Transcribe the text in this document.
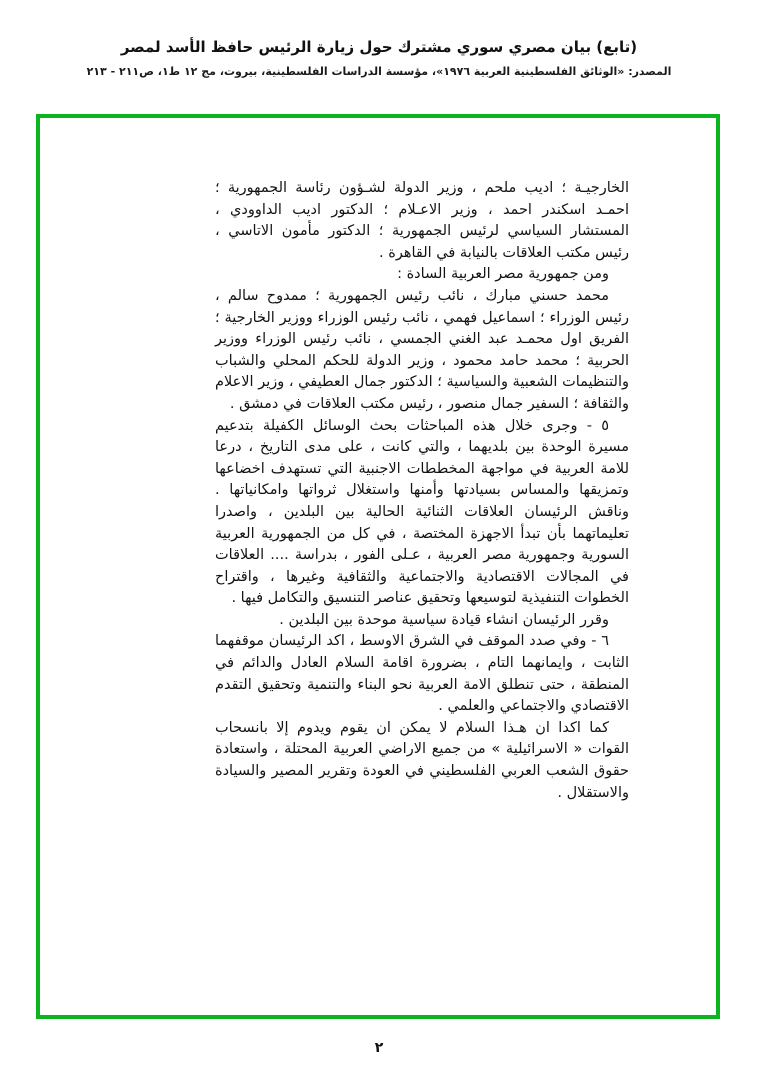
(تابع) بيان مصري سوري مشترك حول زيارة الرئيس حافظ الأسد لمصر
المصدر: «الوثائق الفلسطينية العربية ١٩٧٦»، مؤسسة الدراسات الفلسطينية، بيروت، مج ١٢ ط١، ص٢١١ - ٢١٣

الخارجيـة ؛ اديب ملحم ، وزير الدولة لشـؤون رئاسة الجمهورية ؛ احمـد اسكندر احمد ، وزير الاعـلام ؛ الدكتور اديب الداوودي ، المستشار السياسي لرئيس الجمهورية ؛ الدكتور مأمون الاتاسي ، رئيس مكتب العلاقات بالنيابة في القاهرة .

ومن جمهورية مصر العربية السادة :

محمد حسني مبارك ، نائب رئيس الجمهورية ؛ ممدوح سالم ، رئيس الوزراء ؛ اسماعيل فهمي ، نائب رئيس الوزراء ووزير الخارجية ؛ الفريق اول محمـد عبد الغني الجمسي ، نائب رئيس الوزراء ووزير الحربية ؛ محمد حامد محمود ، وزير الدولة للحكم المحلي والشباب والتنظيمات الشعبية والسياسية ؛ الدكتور جمال العطيفي ، وزير الاعلام والثقافة ؛ السفير جمال منصور ، رئيس مكتب العلاقات في دمشق .

٥ - وجرى خلال هذه المباحثات بحث الوسائل الكفيلة بتدعيم مسيرة الوحدة بين بلديهما ، والتي كانت ، على مدى التاريخ ، درعا للامة العربية في مواجهة المخططات الاجنبية التي تستهدف اخضاعها وتمزيقها والمساس بسيادتها وأمنها واستغلال ثرواتها وامكانياتها . وناقش الرئيسان العلاقات الثنائية الحالية بين البلدين ، واصدرا تعليماتهما بأن تبدأ الاجهزة المختصة ، في كل من الجمهورية العربية السورية وجمهورية مصر العربية ، عـلى الفور ، بدراسة .... العلاقات في المجالات الاقتصادية والاجتماعية والثقافية وغيرها ، واقتراح الخطوات التنفيذية لتوسيعها وتحقيق عناصر التنسيق والتكامل فيها .

وقرر الرئيسان انشاء قيادة سياسية موحدة بين البلدين .

٦ - وفي صدد الموقف في الشرق الاوسط ، اكد الرئيسان موقفهما الثابت ، وايمانهما التام ، بضرورة اقامة السلام العادل والدائم في المنطقة ، حتى تنطلق الامة العربية نحو البناء والتنمية وتحقيق التقدم الاقتصادي والاجتماعي والعلمي .

كما اكدا ان هـذا السلام لا يمكن ان يقوم ويدوم إلا بانسحاب القوات « الاسرائيلية » من جميع الاراضي العربية المحتلة ، واستعادة حقوق الشعب العربي الفلسطيني في العودة وتقرير المصير والسيادة والاستقلال .

٢
